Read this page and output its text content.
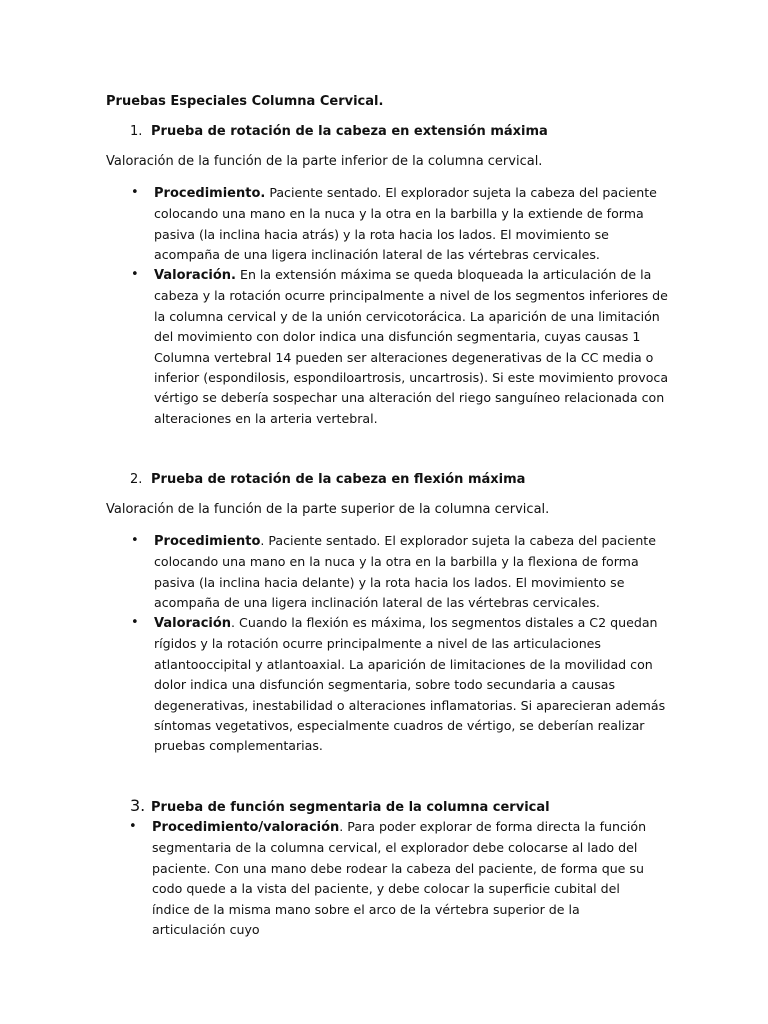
Pruebas Especiales Columna Cervical.
1. Prueba de rotación de la cabeza en extensión máxima

Valoración de la función de la parte inferior de la columna cervical.

• Procedimiento. Paciente sentado. El explorador sujeta la cabeza del paciente colocando una mano en la nuca y la otra en la barbilla y la extiende de forma pasiva (la inclina hacia atrás) y la rota hacia los lados. El movimiento se acompaña de una ligera inclinación lateral de las vértebras cervicales.

• Valoración. En la extensión máxima se queda bloqueada la articulación de la cabeza y la rotación ocurre principalmente a nivel de los segmentos inferiores de la columna cervical y de la unión cervicotorácica. La aparición de una limitación del movimiento con dolor indica una disfunción segmentaria, cuyas causas 1 Columna vertebral 14 pueden ser alteraciones degenerativas de la CC media o inferior (espondilosis, espondiloartrosis, uncartrosis). Si este movimiento provoca vértigo se debería sospechar una alteración del riego sanguíneo relacionada con alteraciones en la arteria vertebral.

2. Prueba de rotación de la cabeza en flexión máxima

Valoración de la función de la parte superior de la columna cervical.

• Procedimiento. Paciente sentado. El explorador sujeta la cabeza del paciente colocando una mano en la nuca y la otra en la barbilla y la flexiona de forma pasiva (la inclina hacia delante) y la rota hacia los lados. El movimiento se acompaña de una ligera inclinación lateral de las vértebras cervicales.

• Valoración. Cuando la flexión es máxima, los segmentos distales a C2 quedan rígidos y la rotación ocurre principalmente a nivel de las articulaciones atlantooccipital y atlantoaxial. La aparición de limitaciones de la movilidad con dolor indica una disfunción segmentaria, sobre todo secundaria a causas degenerativas, inestabilidad o alteraciones inflamatorias. Si aparecieran además síntomas vegetativos, especialmente cuadros de vértigo, se deberían realizar pruebas complementarias.

3. Prueba de función segmentaria de la columna cervical

• Procedimiento/valoración. Para poder explorar de forma directa la función segmentaria de la columna cervical, el explorador debe colocarse al lado del paciente. Con una mano debe rodear la cabeza del paciente, de forma que su codo quede a la vista del paciente, y debe colocar la superficie cubital del índice de la misma mano sobre el arco de la vértebra superior de la articulación cuyo
